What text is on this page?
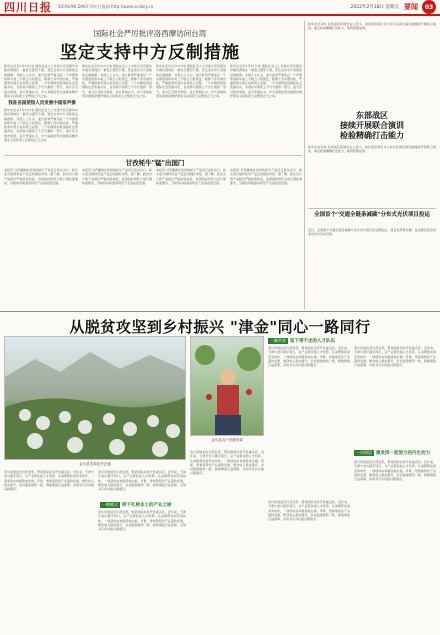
四川日报 SICHUAN DAILY 四川日报网 http://www.scdaily.cn	2022年2月18日 星期五 要闻	03
国际社会严厉批评洛西摩访问台湾
坚定支持中方反制措施
新华社北京2月17日电 国际社会人士对美方官员窜访中国台湾地区一事表示强烈不满，坚定支持中方采取的反制措施。多国人士认为，美方此举严重违反一个中国原则和中美三个联合公报规定，粗暴干涉中国内政，严重损害中国主权和领土完整。一个中国原则是国际社会普遍共识，台湾是中国领土不可分割的一部分，美方应当恪守承诺。各方普遍认为，中方采取的坚决措施是维护国家主权和领土完整的正当之举。
我驻各国使馆人员发展中国家声援
新华社北京2月17日电 国际社会人士对美方官员窜访中国台湾地区一事表示强烈不满，坚定支持中方采取的反制措施。多国人士认为，美方此举严重违反一个中国原则和中美三个联合公报规定，粗暴干涉中国内政，严重损害中国主权和领土完整。一个中国原则是国际社会普遍共识，台湾是中国领土不可分割的一部分，美方应当恪守承诺。各方普遍认为，中方采取的坚决措施是维护国家主权和领土完整的正当之举。
新华社北京2月17日电 国际社会人士对美方官员窜访中国台湾地区一事表示强烈不满，坚定支持中方采取的反制措施。多国人士认为，美方此举严重违反一个中国原则和中美三个联合公报规定，粗暴干涉中国内政，严重损害中国主权和领土完整。一个中国原则是国际社会普遍共识，台湾是中国领土不可分割的一部分，美方应当恪守承诺。各方普遍认为，中方采取的坚决措施是维护国家主权和领土完整的正当之举。
新华社北京2月17日电 国际社会人士对美方官员窜访中国台湾地区一事表示强烈不满，坚定支持中方采取的反制措施。多国人士认为，美方此举严重违反一个中国原则和中美三个联合公报规定，粗暴干涉中国内政，严重损害中国主权和领土完整。一个中国原则是国际社会普遍共识，台湾是中国领土不可分割的一部分，美方应当恪守承诺。各方普遍认为，中方采取的坚决措施是维护国家主权和领土完整的正当之举。
新华社北京2月17日电 国际社会人士对美方官员窜访中国台湾地区一事表示强烈不满，坚定支持中方采取的反制措施。多国人士认为，美方此举严重违反一个中国原则和中美三个联合公报规定，粗暴干涉中国内政，严重损害中国主权和领土完整。一个中国原则是国际社会普遍共识，台湾是中国领土不可分割的一部分，美方应当恪守承诺。各方普遍认为，中方采取的坚决措施是维护国家主权和领土完整的正当之举。
新华社北京电 东部战区新闻发言人表示，战区组织海空兵力在台岛周边海空域继续开展联合演训，重点检验精确打击能力，取得预期成效。
东部战区
接续开展联合演训
检验精确打击能力
新华社北京电 东部战区新闻发言人表示，战区组织海空兵力在台岛周边海空域继续开展联合演训，重点检验精确打击能力，取得预期成效。
全国首个"交通全链条减碳"分布式光伏项目投运
近日，全国首个交通全链条减碳分布式光伏项目在成都投运，项目利用停车棚、站房屋顶等空间建设光伏发电设施。
甘孜牦牛"锰"出国门
本报讯 甘孜藏族自治州的牦牛产品近日首次出口，标志着当地特色农产品走向国际市场。据了解，此次出口的产品经过严格检验检疫，各项指标均符合进口国标准要求，当地将持续推动特色产业高质量发展。
本报讯 甘孜藏族自治州的牦牛产品近日首次出口，标志着当地特色农产品走向国际市场。据了解，此次出口的产品经过严格检验检疫，各项指标均符合进口国标准要求，当地将持续推动特色产业高质量发展。
本报讯 甘孜藏族自治州的牦牛产品近日首次出口，标志着当地特色农产品走向国际市场。据了解，此次出口的产品经过严格检验检疫，各项指标均符合进口国标准要求，当地将持续推动特色产业高质量发展。
本报讯 甘孜藏族自治州的牦牛产品近日首次出口，标志着当地特色农产品走向国际市场。据了解，此次出口的产品经过严格检验检疫，各项指标均符合进口国标准要求，当地将持续推动特色产业高质量发展。
从脱贫攻坚到乡村振兴 "津金"同心一路同行
金川县雪梨花开正盛
金川县农户采摘苹果
一颗苹果 留下带不走的人才队伍
金川县地处四川西北部，曾是国家扶贫开发重点县。近年来，天津与金川携手同行，从产业帮扶到人才培养，从消费帮扶到劳务协作，一项项务实举措落地生根。苹果、雪梨等特色产业蓬勃发展，群众收入稳步提升，乡村面貌焕然一新，两地情谊日益深厚，共同书写乡村振兴新篇章。
金川县地处四川西北部，曾是国家扶贫开发重点县。近年来，天津与金川携手同行，从产业帮扶到人才培养，从消费帮扶到劳务协作，一项项务实举措落地生根。苹果、雪梨等特色产业蓬勃发展，群众收入稳步提升，乡村面貌焕然一新，两地情谊日益深厚，共同书写乡村振兴新篇章。
一份情谊 激发同一起努力的内生动力
金川县地处四川西北部，曾是国家扶贫开发重点县。近年来，天津与金川携手同行，从产业帮扶到人才培养，从消费帮扶到劳务协作，一项项务实举措落地生根。苹果、雪梨等特色产业蓬勃发展，群众收入稳步提升，乡村面貌焕然一新，两地情谊日益深厚，共同书写乡村振兴新篇章。
金川县地处四川西北部，曾是国家扶贫开发重点县。近年来，天津与金川携手同行，从产业帮扶到人才培养，从消费帮扶到劳务协作，一项项务实举措落地生根。苹果、雪梨等特色产业蓬勃发展，群众收入稳步提升，乡村面貌焕然一新，两地情谊日益深厚，共同书写乡村振兴新篇章。
一种模式 种下扎根本土的产业之树
金川县地处四川西北部，曾是国家扶贫开发重点县。近年来，天津与金川携手同行，从产业帮扶到人才培养，从消费帮扶到劳务协作，一项项务实举措落地生根。苹果、雪梨等特色产业蓬勃发展，群众收入稳步提升，乡村面貌焕然一新，两地情谊日益深厚，共同书写乡村振兴新篇章。
金川县地处四川西北部，曾是国家扶贫开发重点县。近年来，天津与金川携手同行，从产业帮扶到人才培养，从消费帮扶到劳务协作，一项项务实举措落地生根。苹果、雪梨等特色产业蓬勃发展，群众收入稳步提升，乡村面貌焕然一新，两地情谊日益深厚，共同书写乡村振兴新篇章。
金川县地处四川西北部，曾是国家扶贫开发重点县。近年来，天津与金川携手同行，从产业帮扶到人才培养，从消费帮扶到劳务协作，一项项务实举措落地生根。苹果、雪梨等特色产业蓬勃发展，群众收入稳步提升，乡村面貌焕然一新，两地情谊日益深厚，共同书写乡村振兴新篇章。
金川县地处四川西北部，曾是国家扶贫开发重点县。近年来，天津与金川携手同行，从产业帮扶到人才培养，从消费帮扶到劳务协作，一项项务实举措落地生根。苹果、雪梨等特色产业蓬勃发展，群众收入稳步提升，乡村面貌焕然一新，两地情谊日益深厚，共同书写乡村振兴新篇章。
